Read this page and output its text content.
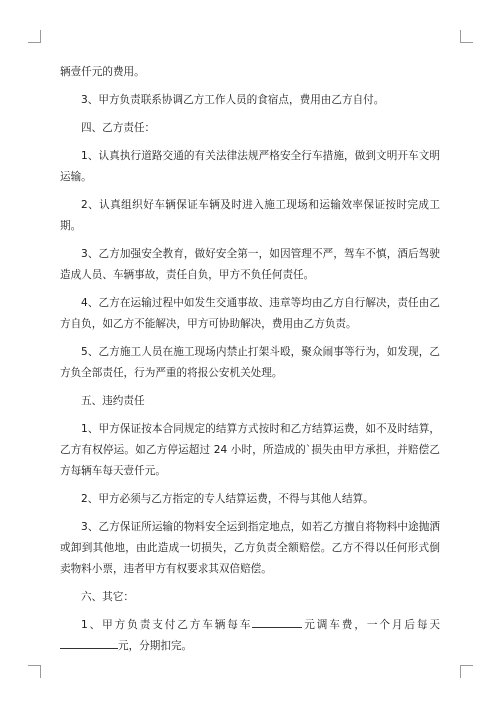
辆壹仟元的费用。

3、甲方负责联系协调乙方工作人员的食宿点，费用由乙方自付。

四、乙方责任：

1、认真执行道路交通的有关法律法规严格安全行车措施，做到文明开车文明运输。

2、认真组织好车辆保证车辆及时进入施工现场和运输效率保证按时完成工期。

3、乙方加强安全教育，做好安全第一，如因管理不严，驾车不慎，酒后驾驶造成人员、车辆事故，责任自负，甲方不负任何责任。

4、乙方在运输过程中如发生交通事故、违章等均由乙方自行解决，责任由乙方自负，如乙方不能解决，甲方可协助解决，费用由乙方负责。

5、乙方施工人员在施工现场内禁止打架斗殴，聚众闹事等行为，如发现，乙方负全部责任，行为严重的将报公安机关处理。

五、违约责任

1、甲方保证按本合同规定的结算方式按时和乙方结算运费，如不及时结算，乙方有权停运。如乙方停运超过 24 小时，所造成的`损失由甲方承担，并赔偿乙方每辆车每天壹仟元。

2、甲方必须与乙方指定的专人结算运费，不得与其他人结算。

3、乙方保证所运输的物料安全运到指定地点，如若乙方擅自将物料中途抛洒或卸到其他地，由此造成一切损失，乙方负责全额赔偿。乙方不得以任何形式倒卖物料小票，违者甲方有权要求其双倍赔偿。

六、其它：

1、甲方负责支付乙方车辆每车	元调车费，一个月后每天元，分期扣完。
